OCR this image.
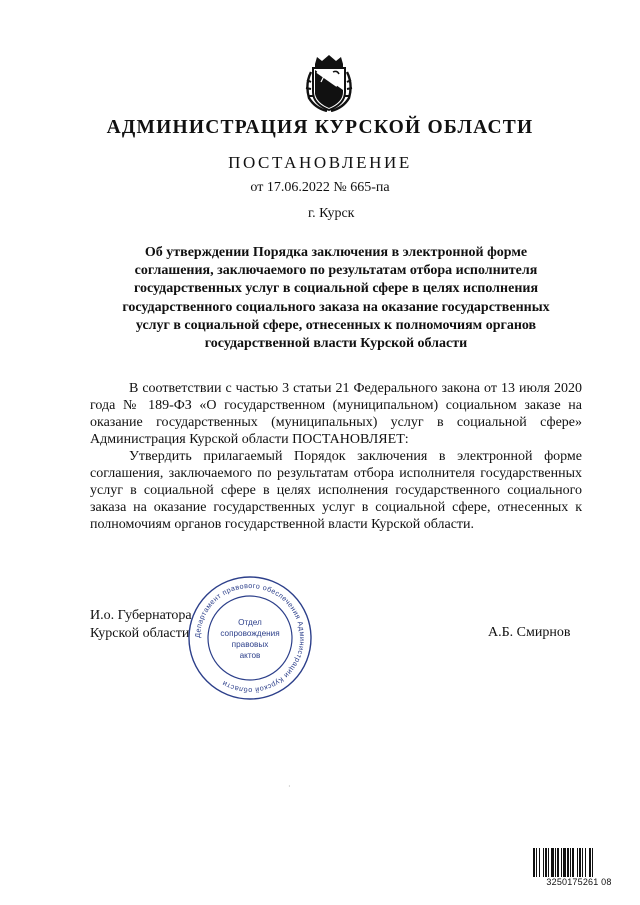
АДМИНИСТРАЦИЯ КУРСКОЙ ОБЛАСТИ
ПОСТАНОВЛЕНИЕ
от 17.06.2022 № 665-па
г. Курск
Об утверждении Порядка заключения в электронной форме
соглашения, заключаемого по результатам отбора исполнителя
государственных услуг в социальной сфере в целях исполнения
государственного социального заказа на оказание государственных
услуг в социальной сфере, отнесенных к полномочиям органов
государственной власти Курской области

В соответствии с частью 3 статьи 21 Федерального закона от 13 июля 2020 года № 189-ФЗ «О государственном (муниципальном) социальном заказе на оказание государственных (муниципальных) услуг в социальной сфере» Администрация Курской области ПОСТАНОВЛЯЕТ:

Утвердить прилагаемый Порядок заключения в электронной форме соглашения, заключаемого по результатам отбора исполнителя государственных услуг в социальной сфере в целях исполнения государственного социального заказа на оказание государственных услуг в социальной сфере, отнесенных к полномочиям органов государственной власти Курской области.

И.о. Губернатора
Курской области	А.Б. Смирнов
Департамент правового обеспечения Администрации Курской области
Отдел
сопровождения
правовых
актов
·
3250175261 08
